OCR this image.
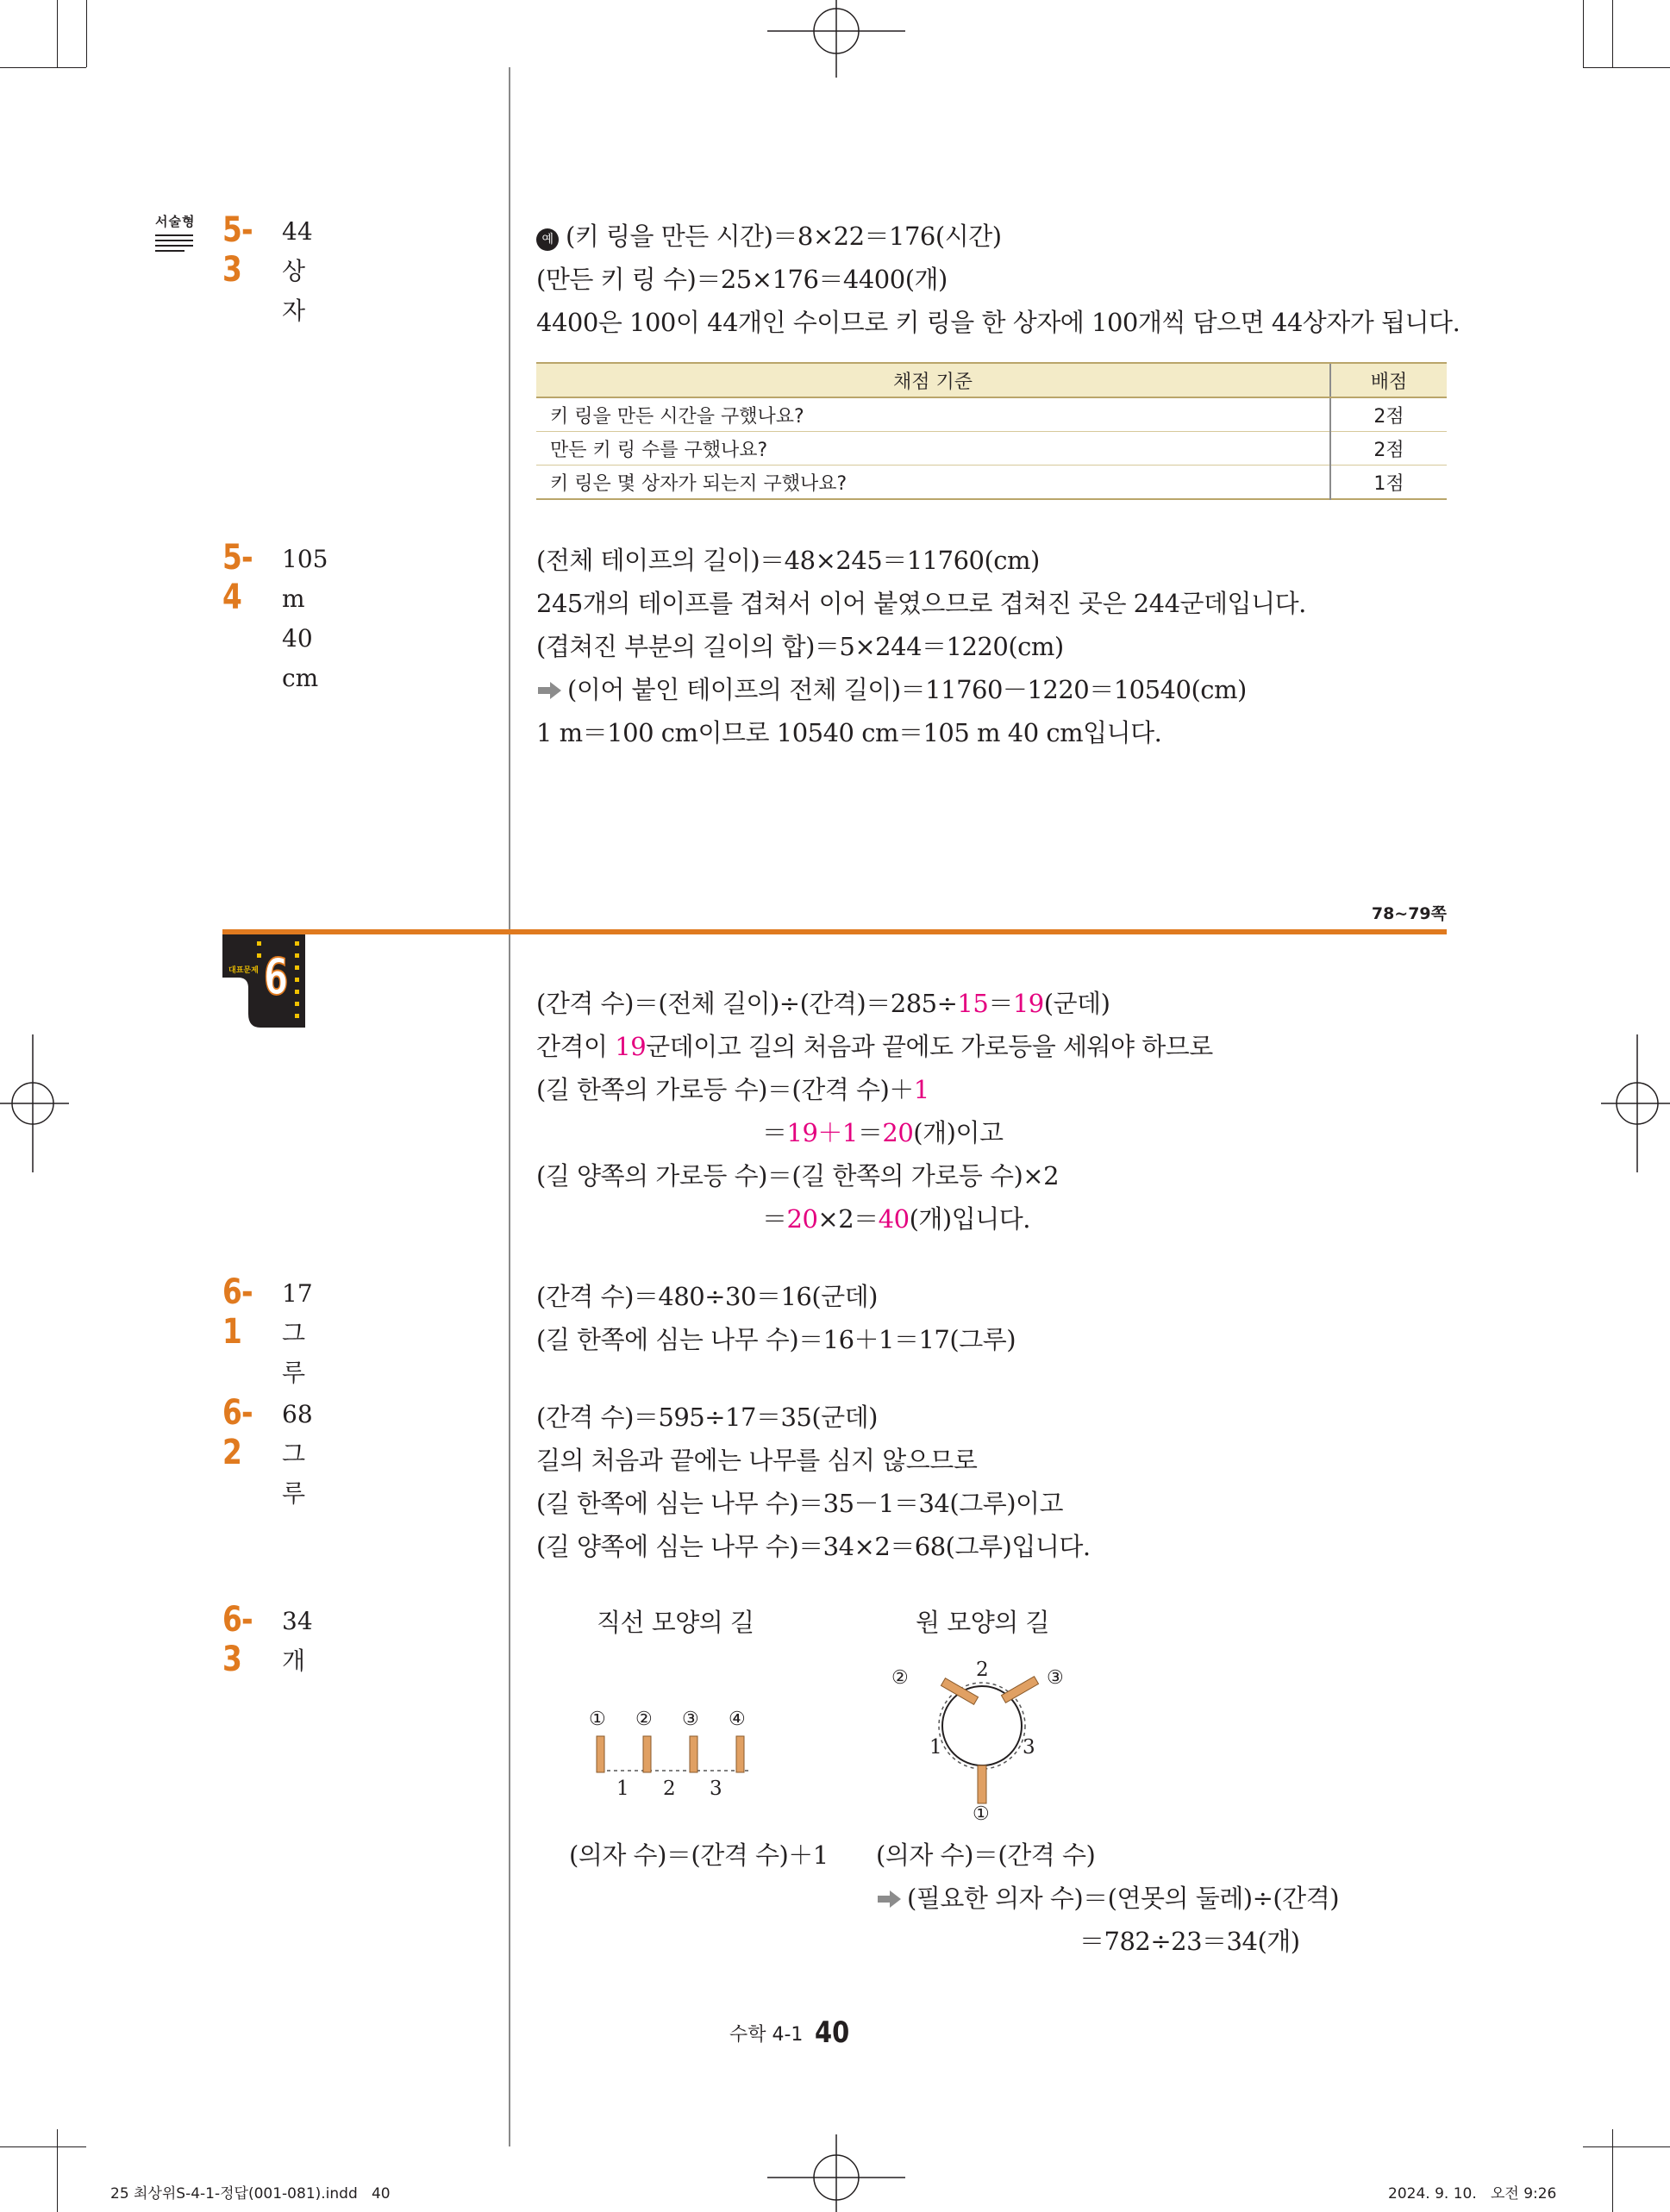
서술형 5-3
44상자
예 (키 링을 만든 시간)＝8×22＝176(시간)
(만든 키 링 수)＝25×176＝4400(개)
4400은 100이 44개인 수이므로 키 링을 한 상자에 100개씩 담으면 44상자가 됩니다.
채점 기준	배점
키 링을 만든 시간을 구했나요?	2점
만든 키 링 수를 구했나요?	2점
키 링은 몇 상자가 되는지 구했나요?	1점
5-4
105 m 40 cm
(전체 테이프의 길이)＝48×245＝11760(cm)
245개의 테이프를 겹쳐서 이어 붙였으므로 겹쳐진 곳은 244군데입니다.
(겹쳐진 부분의 길이의 합)＝5×244＝1220(cm)
(이어 붙인 테이프의 전체 길이)＝11760－1220＝10540(cm)
1 m＝100 cm이므로 10540 cm＝105 m 40 cm입니다.
78~79쪽
대표문제 6	(간격 수)＝(전체 길이)÷(간격)＝285÷15＝19(군데)
간격이 19군데이고 길의 처음과 끝에도 가로등을 세워야 하므로
(길 한쪽의 가로등 수)＝(간격 수)＋1
＝19＋1＝20(개)이고
(길 양쪽의 가로등 수)＝(길 한쪽의 가로등 수)×2
＝20×2＝40(개)입니다.
6-1
17그루
(간격 수)＝480÷30＝16(군데)
(길 한쪽에 심는 나무 수)＝16＋1＝17(그루)
6-2
68그루
(간격 수)＝595÷17＝35(군데)
길의 처음과 끝에는 나무를 심지 않으므로
(길 한쪽에 심는 나무 수)＝35－1＝34(그루)이고
(길 양쪽에 심는 나무 수)＝34×2＝68(그루)입니다.
6-3
34개
직선 모양의 길	원 모양의 길
① ② ③ ④
1 2 3
②	③
①
2
1	3
(의자 수)＝(간격 수)＋1 (의자 수)＝(간격 수)
(필요한 의자 수)＝(연못의 둘레)÷(간격)
＝782÷23＝34(개)
수학 4-1 40
25 최상위S-4-1-정답(001-081).indd   40	2024. 9. 10.   오전 9:26
